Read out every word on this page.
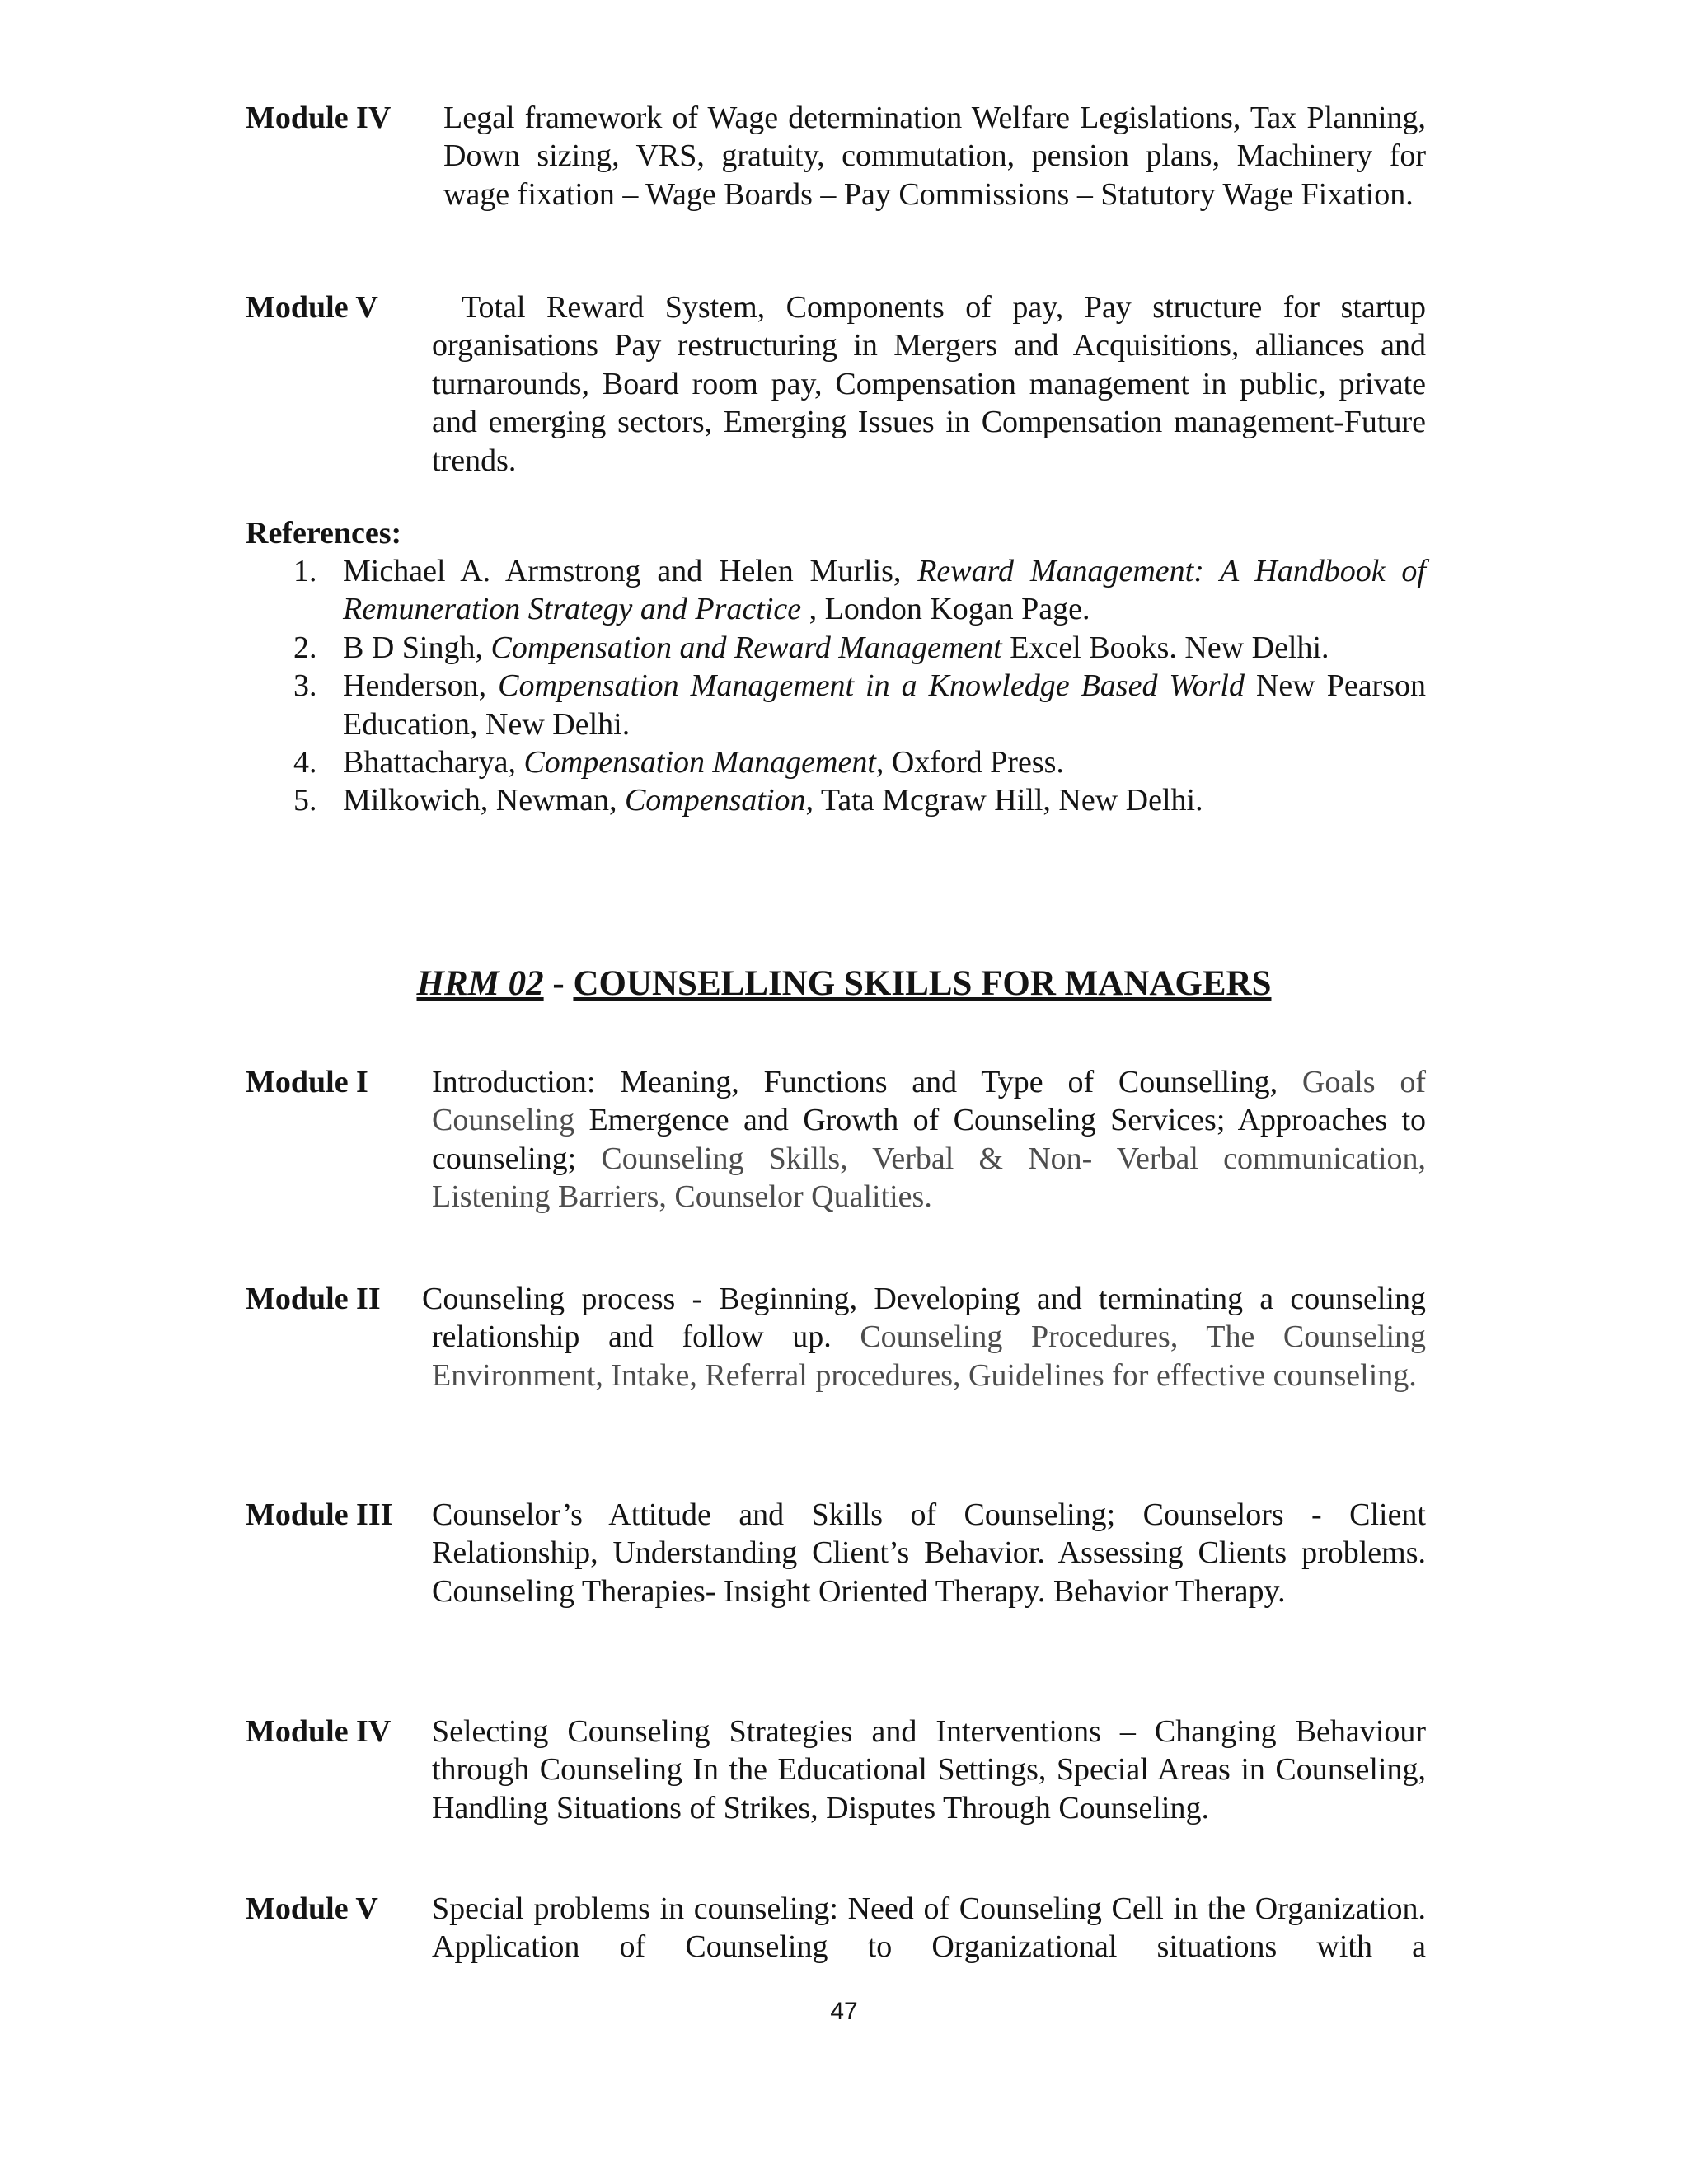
Module IV Legal framework of Wage determination Welfare Legislations, Tax Planning, Down sizing, VRS, gratuity, commutation, pension plans, Machinery for wage fixation – Wage Boards – Pay Commissions – Statutory Wage Fixation.
Module V	Total Reward System, Components of pay, Pay structure for startup organisations Pay restructuring in Mergers and Acquisitions, alliances and turnarounds, Board room pay, Compensation management in public, private and emerging sectors, Emerging Issues in Compensation management-Future trends.
References:
1. Michael A. Armstrong and Helen Murlis, Reward Management: A Handbook of Remuneration Strategy and Practice , London Kogan Page.
2. B D Singh, Compensation and Reward Management Excel Books. New Delhi.
3. Henderson, Compensation Management in a Knowledge Based World New Pearson Education, New Delhi.
4. Bhattacharya, Compensation Management, Oxford Press.
5. Milkowich, Newman, Compensation, Tata Mcgraw Hill, New Delhi.
HRM 02 - COUNSELLING SKILLS FOR MANAGERS
Module I Introduction: Meaning, Functions and Type of Counselling, Goals of Counseling Emergence and Growth of Counseling Services; Approaches to counseling; Counseling Skills, Verbal & Non- Verbal communication, Listening Barriers, Counselor Qualities.
Module II Counseling process - Beginning, Developing and terminating a counseling relationship and follow up. Counseling Procedures, The Counseling Environment, Intake, Referral procedures, Guidelines for effective counseling.
Module III Counselor’s Attitude and Skills of Counseling; Counselors - Client Relationship, Understanding Client’s Behavior. Assessing Clients problems. Counseling Therapies- Insight Oriented Therapy. Behavior Therapy.
Module IV Selecting Counseling Strategies and Interventions – Changing Behaviour through Counseling In the Educational Settings, Special Areas in Counseling, Handling Situations of Strikes, Disputes Through Counseling.
Module V Special problems in counseling: Need of Counseling Cell in the Organization. Application of Counseling to Organizational situations with a
47
